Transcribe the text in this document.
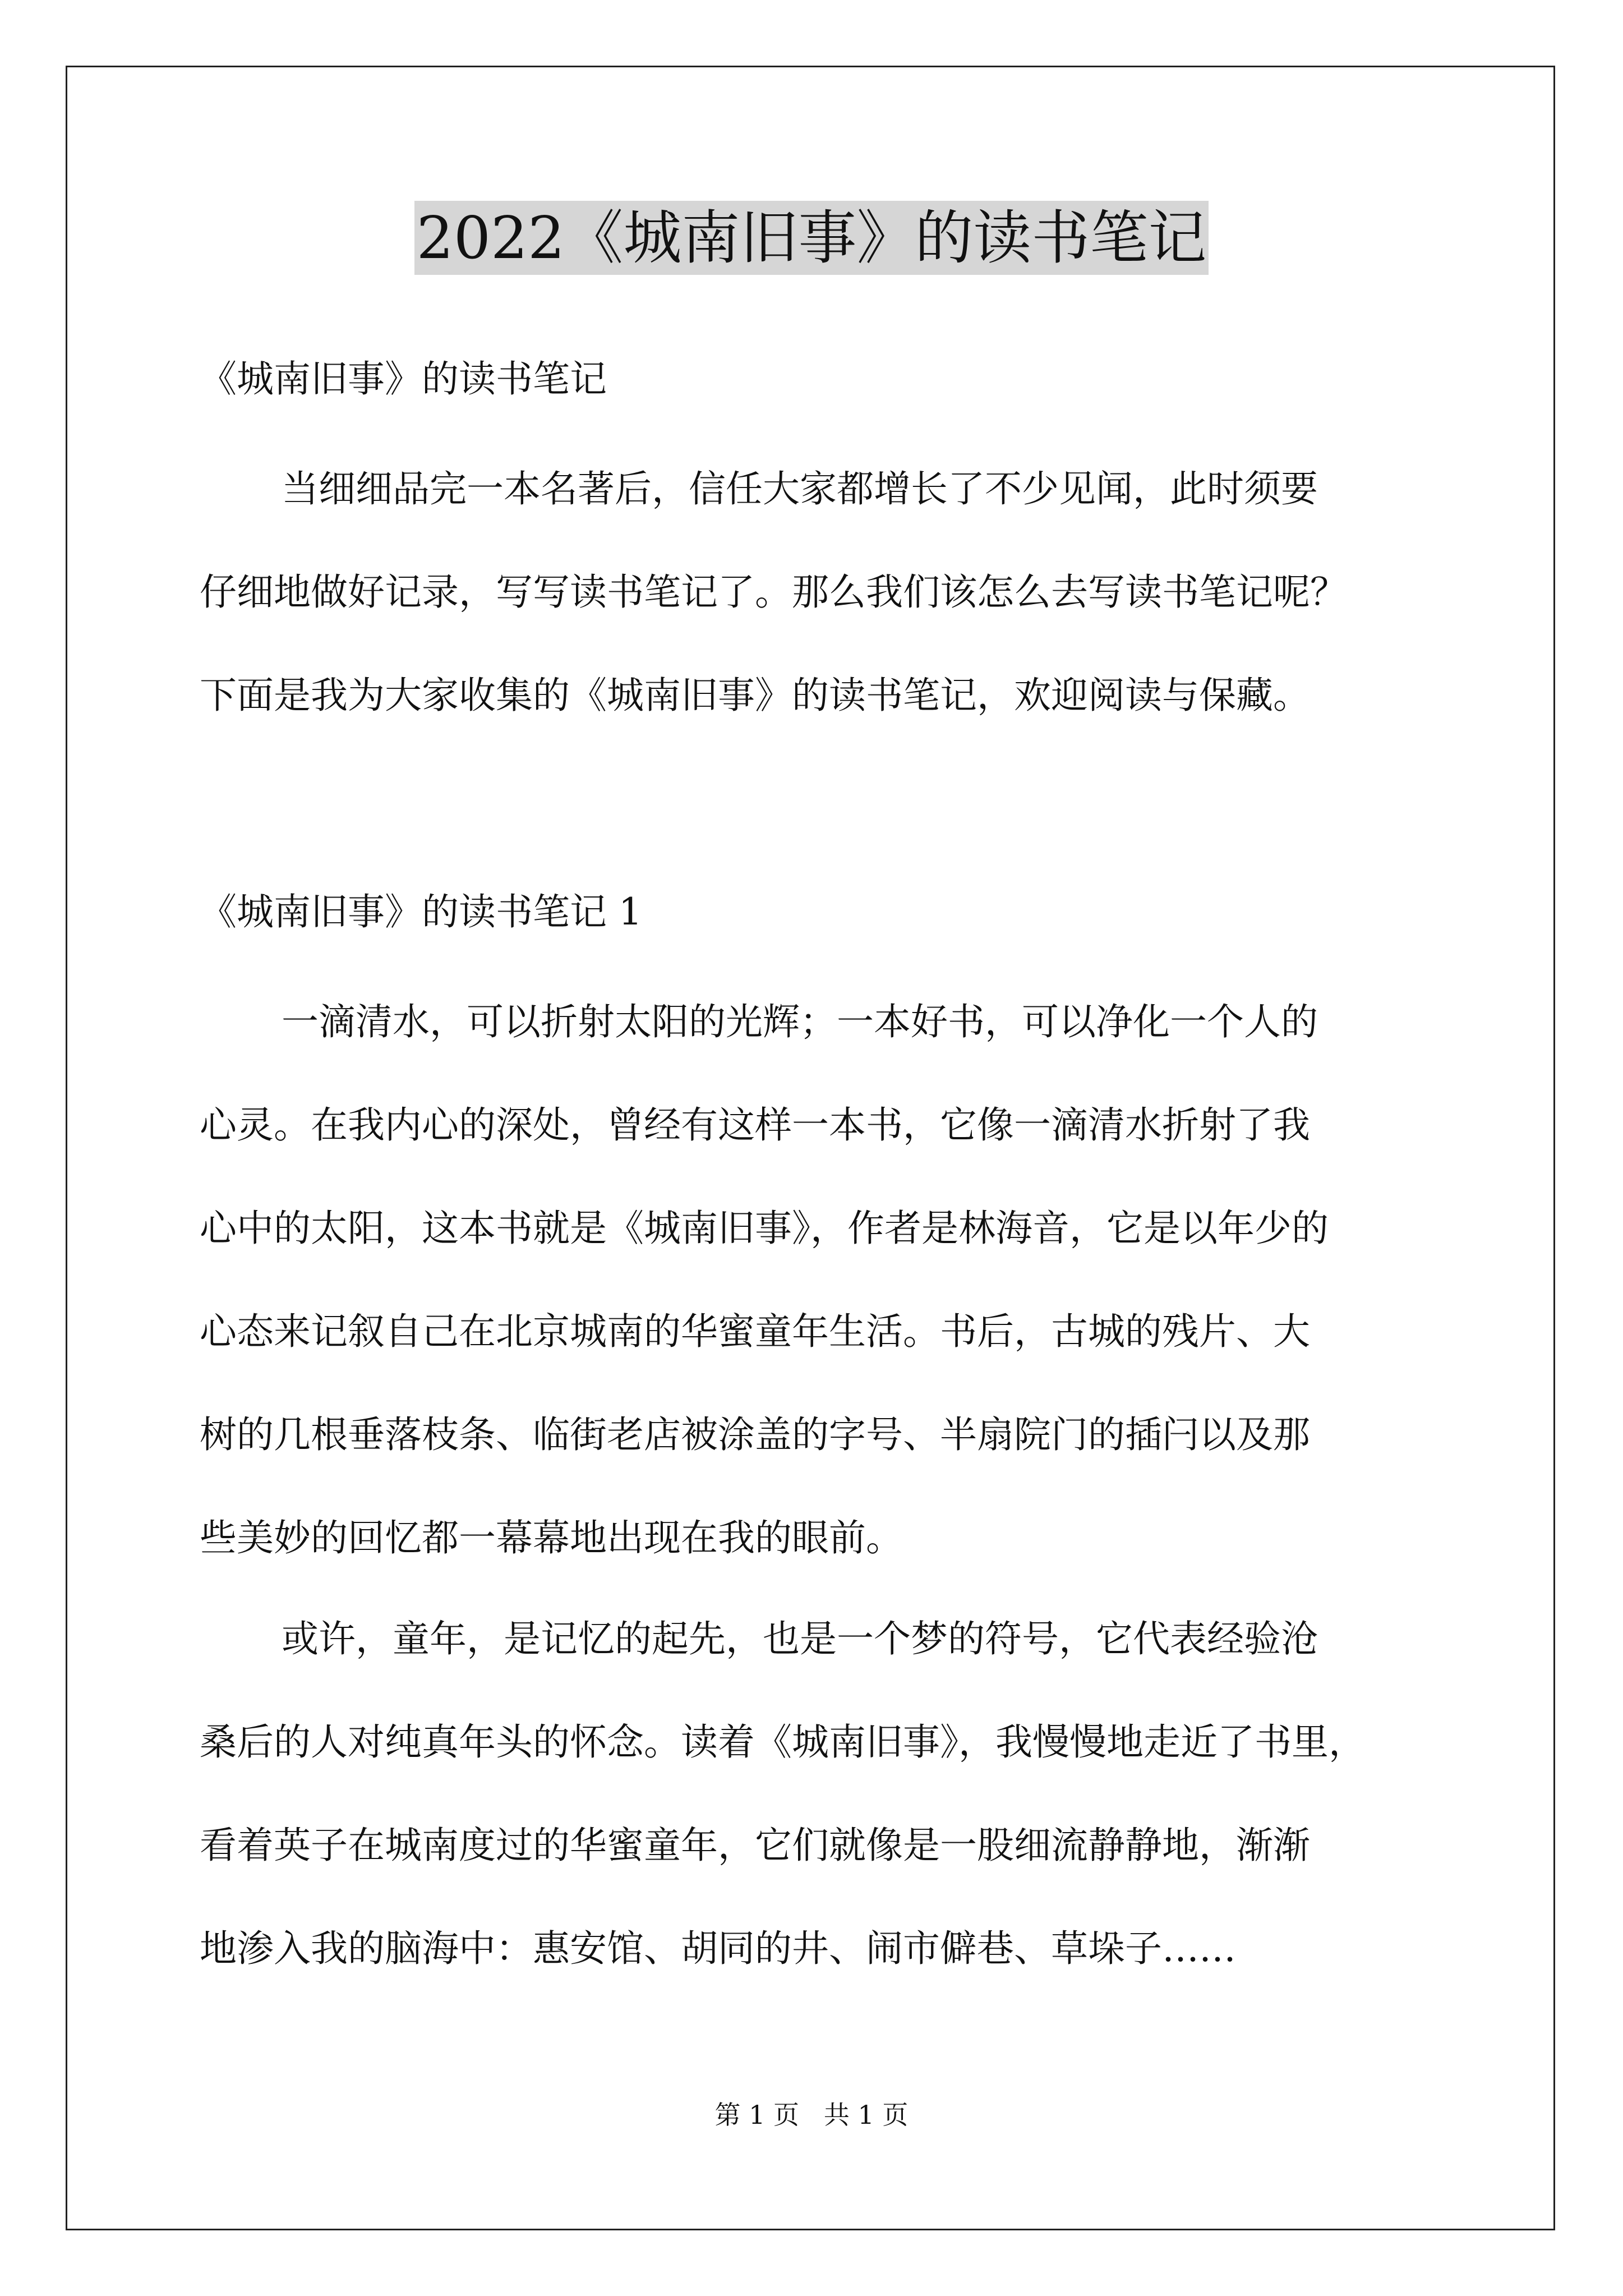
2022《城南旧事》的读书笔记
《城南旧事》的读书笔记
当细细品完一本名著后，信任大家都增长了不少见闻，此时须要
仔细地做好记录，写写读书笔记了。那么我们该怎么去写读书笔记呢？
下面是我为大家收集的《城南旧事》的读书笔记，欢迎阅读与保藏。
《城南旧事》的读书笔记 1
一滴清水，可以折射太阳的光辉；一本好书，可以净化一个人的
心灵。在我内心的深处，曾经有这样一本书，它像一滴清水折射了我
心中的太阳，这本书就是《城南旧事》，作者是林海音，它是以年少的
心态来记叙自己在北京城南的华蜜童年生活。书后，古城的残片、大
树的几根垂落枝条、临街老店被涂盖的字号、半扇院门的插闩以及那
些美妙的回忆都一幕幕地出现在我的眼前。
或许，童年，是记忆的起先，也是一个梦的符号，它代表经验沧
桑后的人对纯真年头的怀念。读着《城南旧事》，我慢慢地走近了书里，
看着英子在城南度过的华蜜童年，它们就像是一股细流静静地，渐渐
地渗入我的脑海中：惠安馆、胡同的井、闹市僻巷、草垛子……
第 1 页   共 1 页
